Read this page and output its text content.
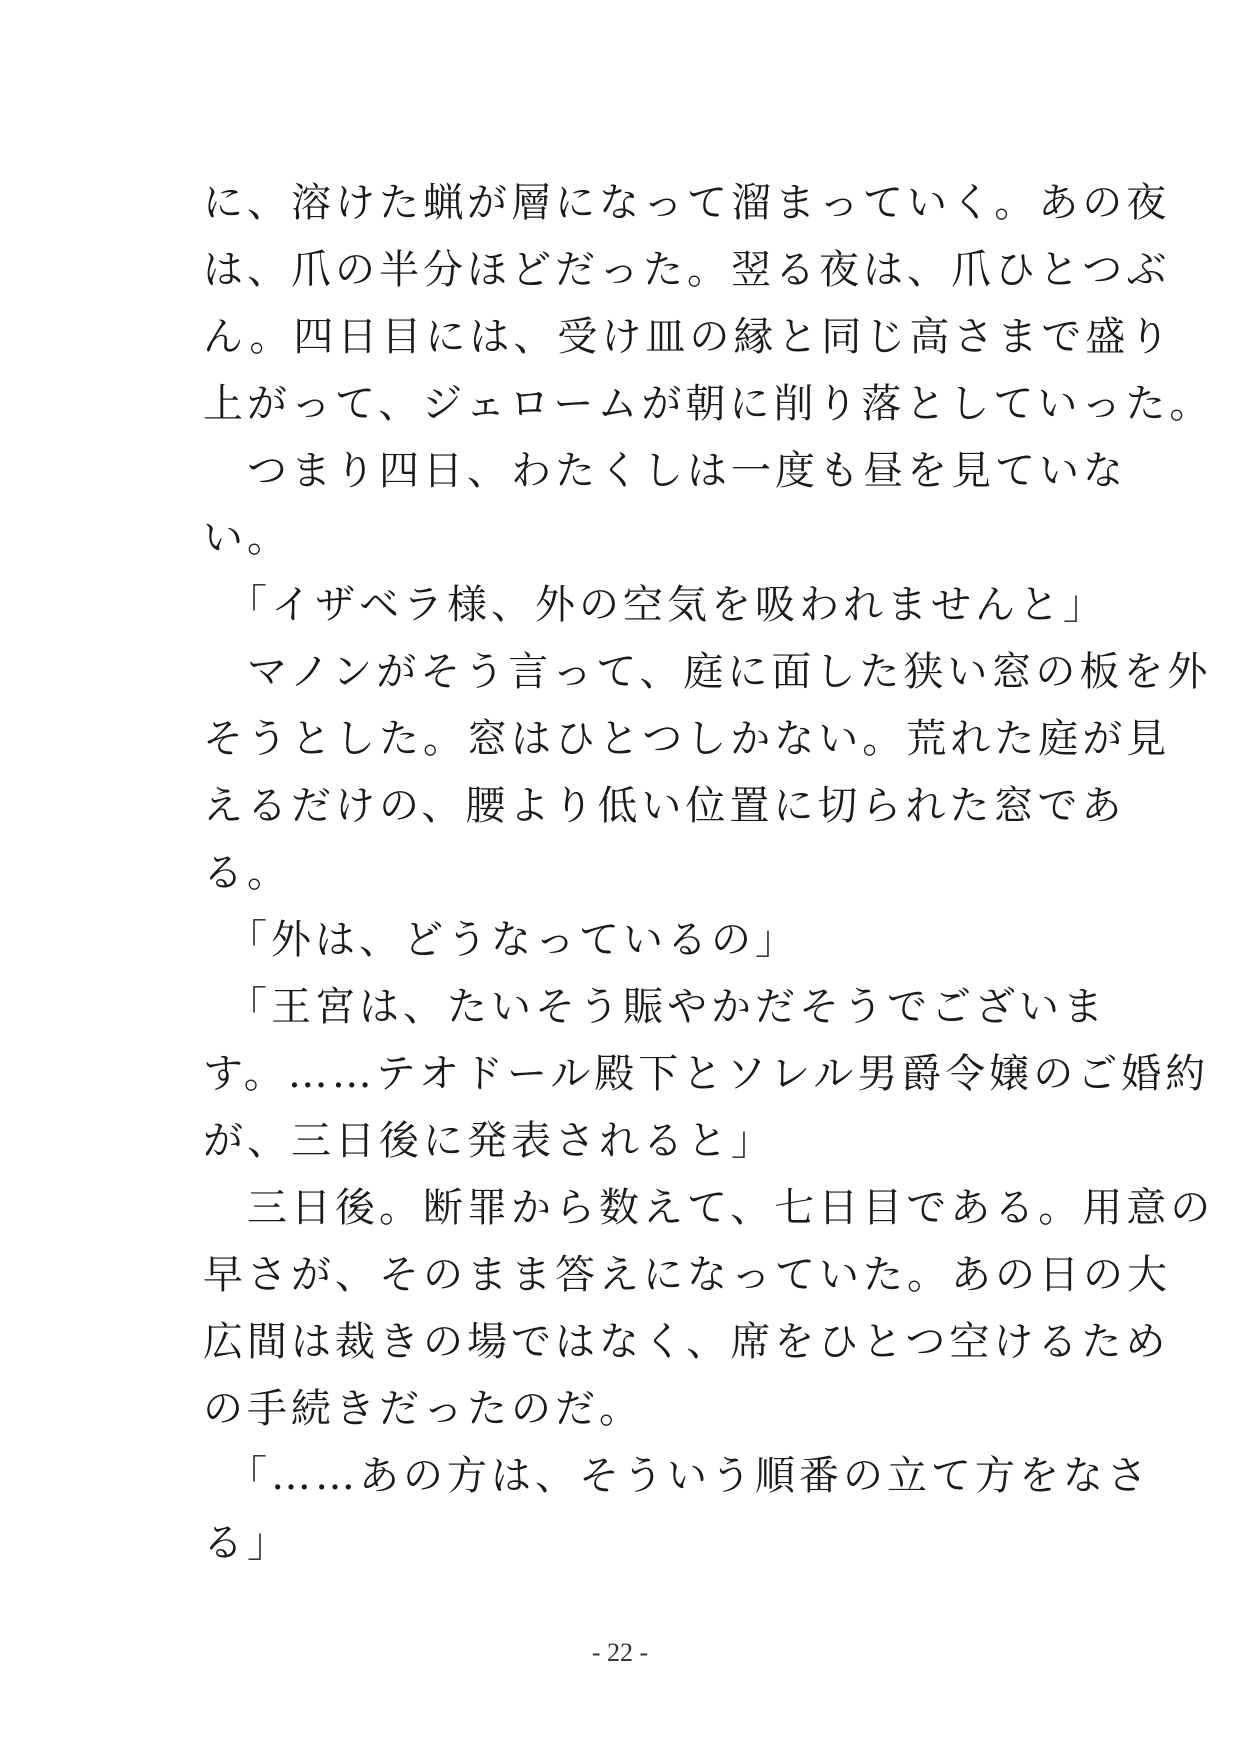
に、溶けた蝋が層になって溜まっていく。あの夜
は、爪の半分ほどだった。翌る夜は、爪ひとつぶ
ん。四日目には、受け皿の縁と同じ高さまで盛り
上がって、ジェロームが朝に削り落としていった。
　つまり四日、わたくしは一度も昼を見ていな
い。
　「イザベラ様、外の空気を吸われませんと」
　マノンがそう言って、庭に面した狭い窓の板を外
そうとした。窓はひとつしかない。荒れた庭が見
えるだけの、腰より低い位置に切られた窓であ
る。
　「外は、どうなっているの」
　「王宮は、たいそう賑やかだそうでございま
す。……テオドール殿下とソレル男爵令嬢のご婚約
が、三日後に発表されると」
　三日後。断罪から数えて、七日目である。用意の
早さが、そのまま答えになっていた。あの日の大
広間は裁きの場ではなく、席をひとつ空けるため
の手続きだったのだ。
　「……あの方は、そういう順番の立て方をなさ
る」
- 22 -
